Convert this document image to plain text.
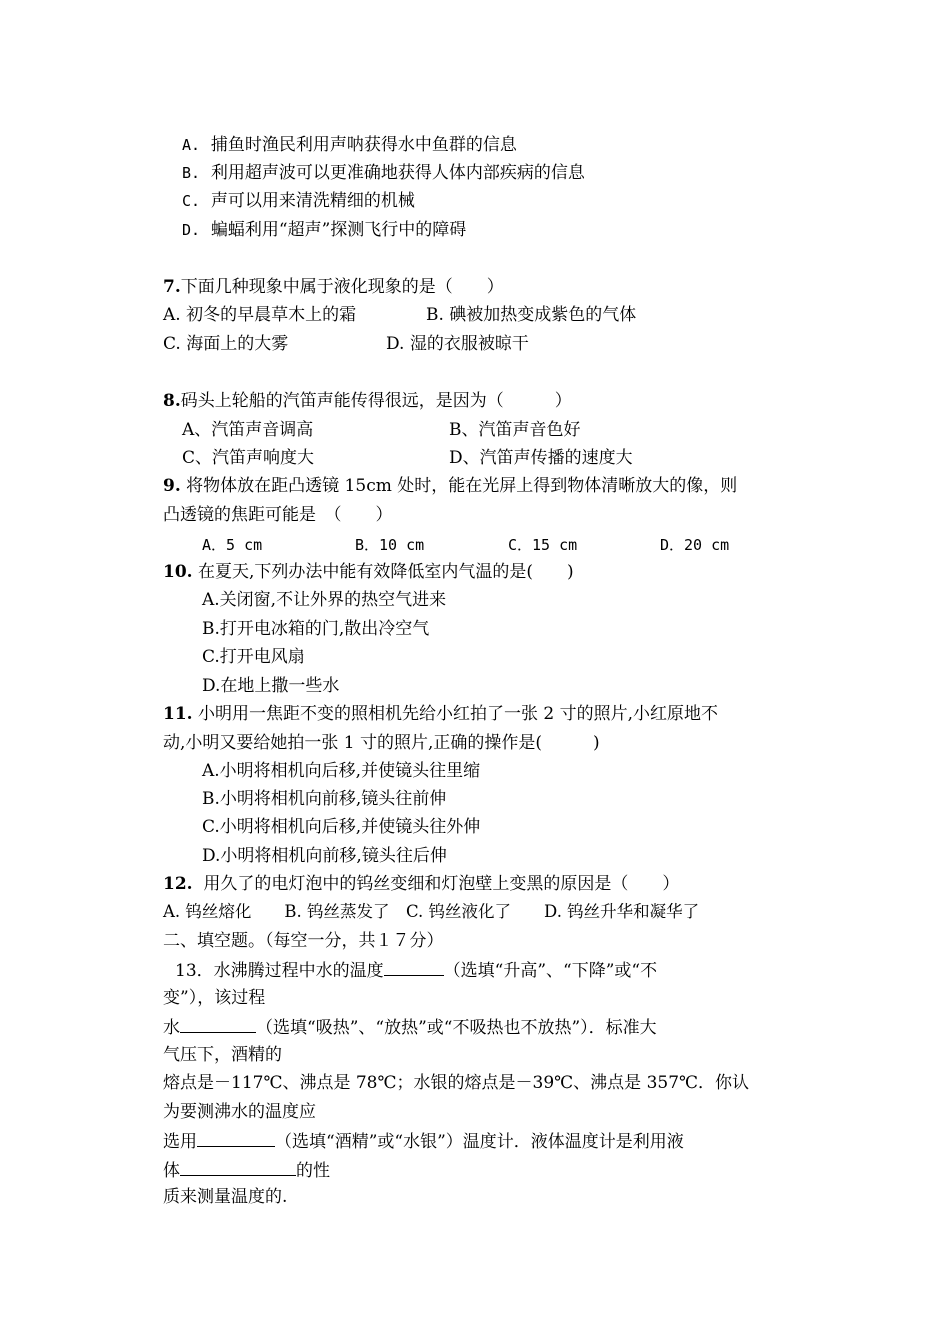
A. 捕鱼时渔民利用声呐获得水中鱼群的信息
B. 利用超声波可以更准确地获得人体内部疾病的信息
C. 声可以用来清洗精细的机械
D. 蝙蝠利用“超声”探测飞行中的障碍
7.下面几种现象中属于液化现象的是（　　）
A. 初冬的早晨草木上的霜	B. 碘被加热变成紫色的气体
C. 海面上的大雾	D. 湿的衣服被晾干
8.码头上轮船的汽笛声能传得很远，是因为（　　　）
A、汽笛声音调高	B、汽笛声音色好
C、汽笛声响度大	D、汽笛声传播的速度大
9. 将物体放在距凸透镜 15cm 处时，能在光屏上得到物体清晰放大的像，则
凸透镜的焦距可能是　（　　）
A．5 cm	B．10 cm	C．15 cm	D．20 cm
10. 在夏天,下列办法中能有效降低室内气温的是(　　)
A.关闭窗,不让外界的热空气进来
B.打开电冰箱的门,散出冷空气
C.打开电风扇
D.在地上撒一些水
11. 小明用一焦距不变的照相机先给小红拍了一张 2 寸的照片,小红原地不
动,小明又要给她拍一张 1 寸的照片,正确的操作是(　　　)
A.小明将相机向后移,并使镜头往里缩
B.小明将相机向前移,镜头往前伸
C.小明将相机向后移,并使镜头往外伸
D.小明将相机向前移,镜头往后伸
12. 用久了的电灯泡中的钨丝变细和灯泡壁上变黑的原因是（　　）
A. 钨丝熔化　　B. 钨丝蒸发了　C. 钨丝液化了　　D. 钨丝升华和凝华了
二、填空题。（每空一分，共１７分）
13．水沸腾过程中水的温度	（选填“升高”、“下降”或“不
变”），该过程
水	（选填“吸热”、“放热”或“不吸热也不放热”）．标准大
气压下，酒精的
熔点是－117℃、沸点是 78℃；水银的熔点是－39℃、沸点是 357℃．你认
为要测沸水的温度应
选用	（选填“酒精”或“水银”）温度计．液体温度计是利用液
体	的性
质来测量温度的.
